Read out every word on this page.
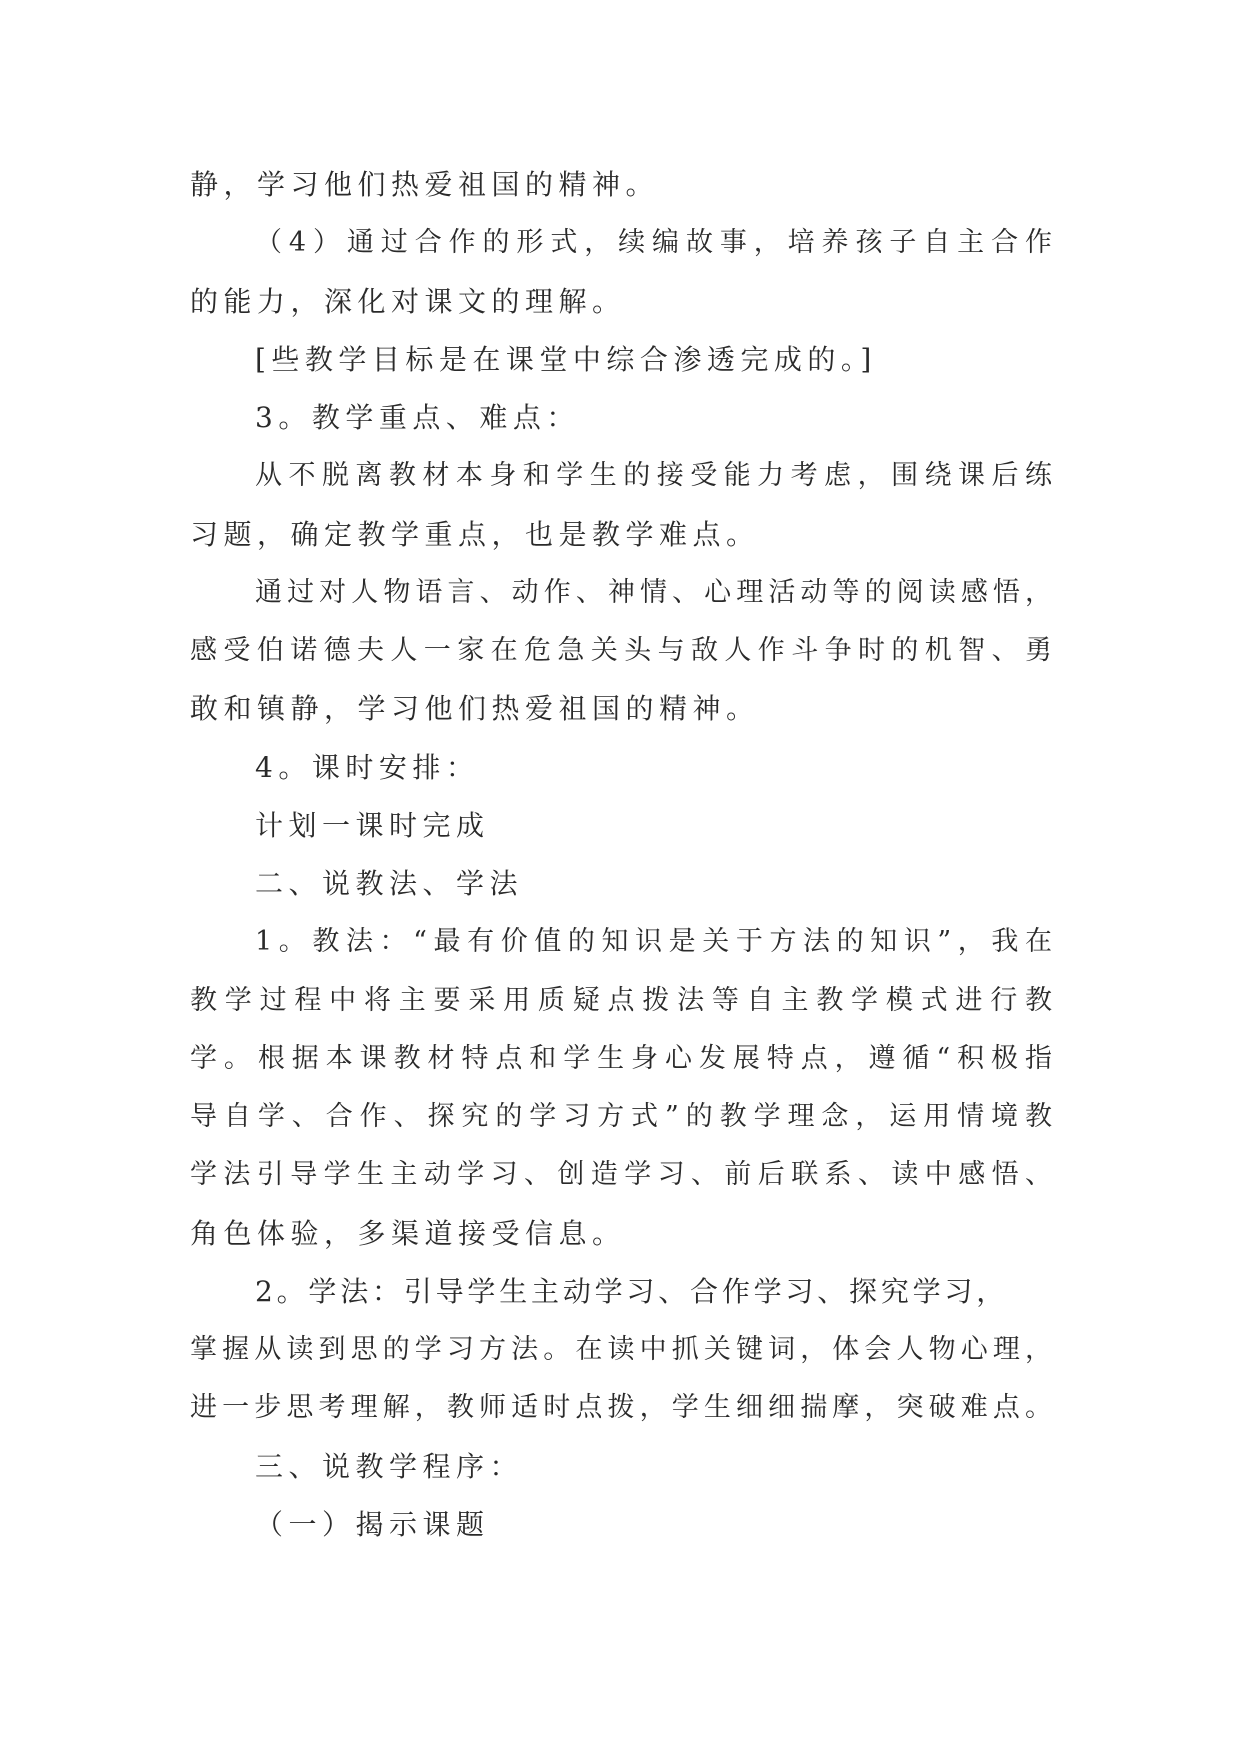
静，学习他们热爱祖国的精神。
（4）通过合作的形式，续编故事，培养孩子自主合作
的能力，深化对课文的理解。
[些教学目标是在课堂中综合渗透完成的。]
3。教学重点、难点：
从不脱离教材本身和学生的接受能力考虑，围绕课后练
习题，确定教学重点，也是教学难点。
通过对人物语言、动作、神情、心理活动等的阅读感悟，
感受伯诺德夫人一家在危急关头与敌人作斗争时的机智、勇
敢和镇静，学习他们热爱祖国的精神。
4。课时安排：
计划一课时完成
二、说教法、学法
1。教法：“最有价值的知识是关于方法的知识”，我在
教学过程中将主要采用质疑点拨法等自主教学模式进行教
学。根据本课教材特点和学生身心发展特点，遵循“积极指
导自学、合作、探究的学习方式”的教学理念，运用情境教
学法引导学生主动学习、创造学习、前后联系、读中感悟、
角色体验，多渠道接受信息。
2。学法：引导学生主动学习、合作学习、探究学习，
掌握从读到思的学习方法。在读中抓关键词，体会人物心理，
进一步思考理解，教师适时点拨，学生细细揣摩，突破难点。
三、说教学程序：
（一）揭示课题
